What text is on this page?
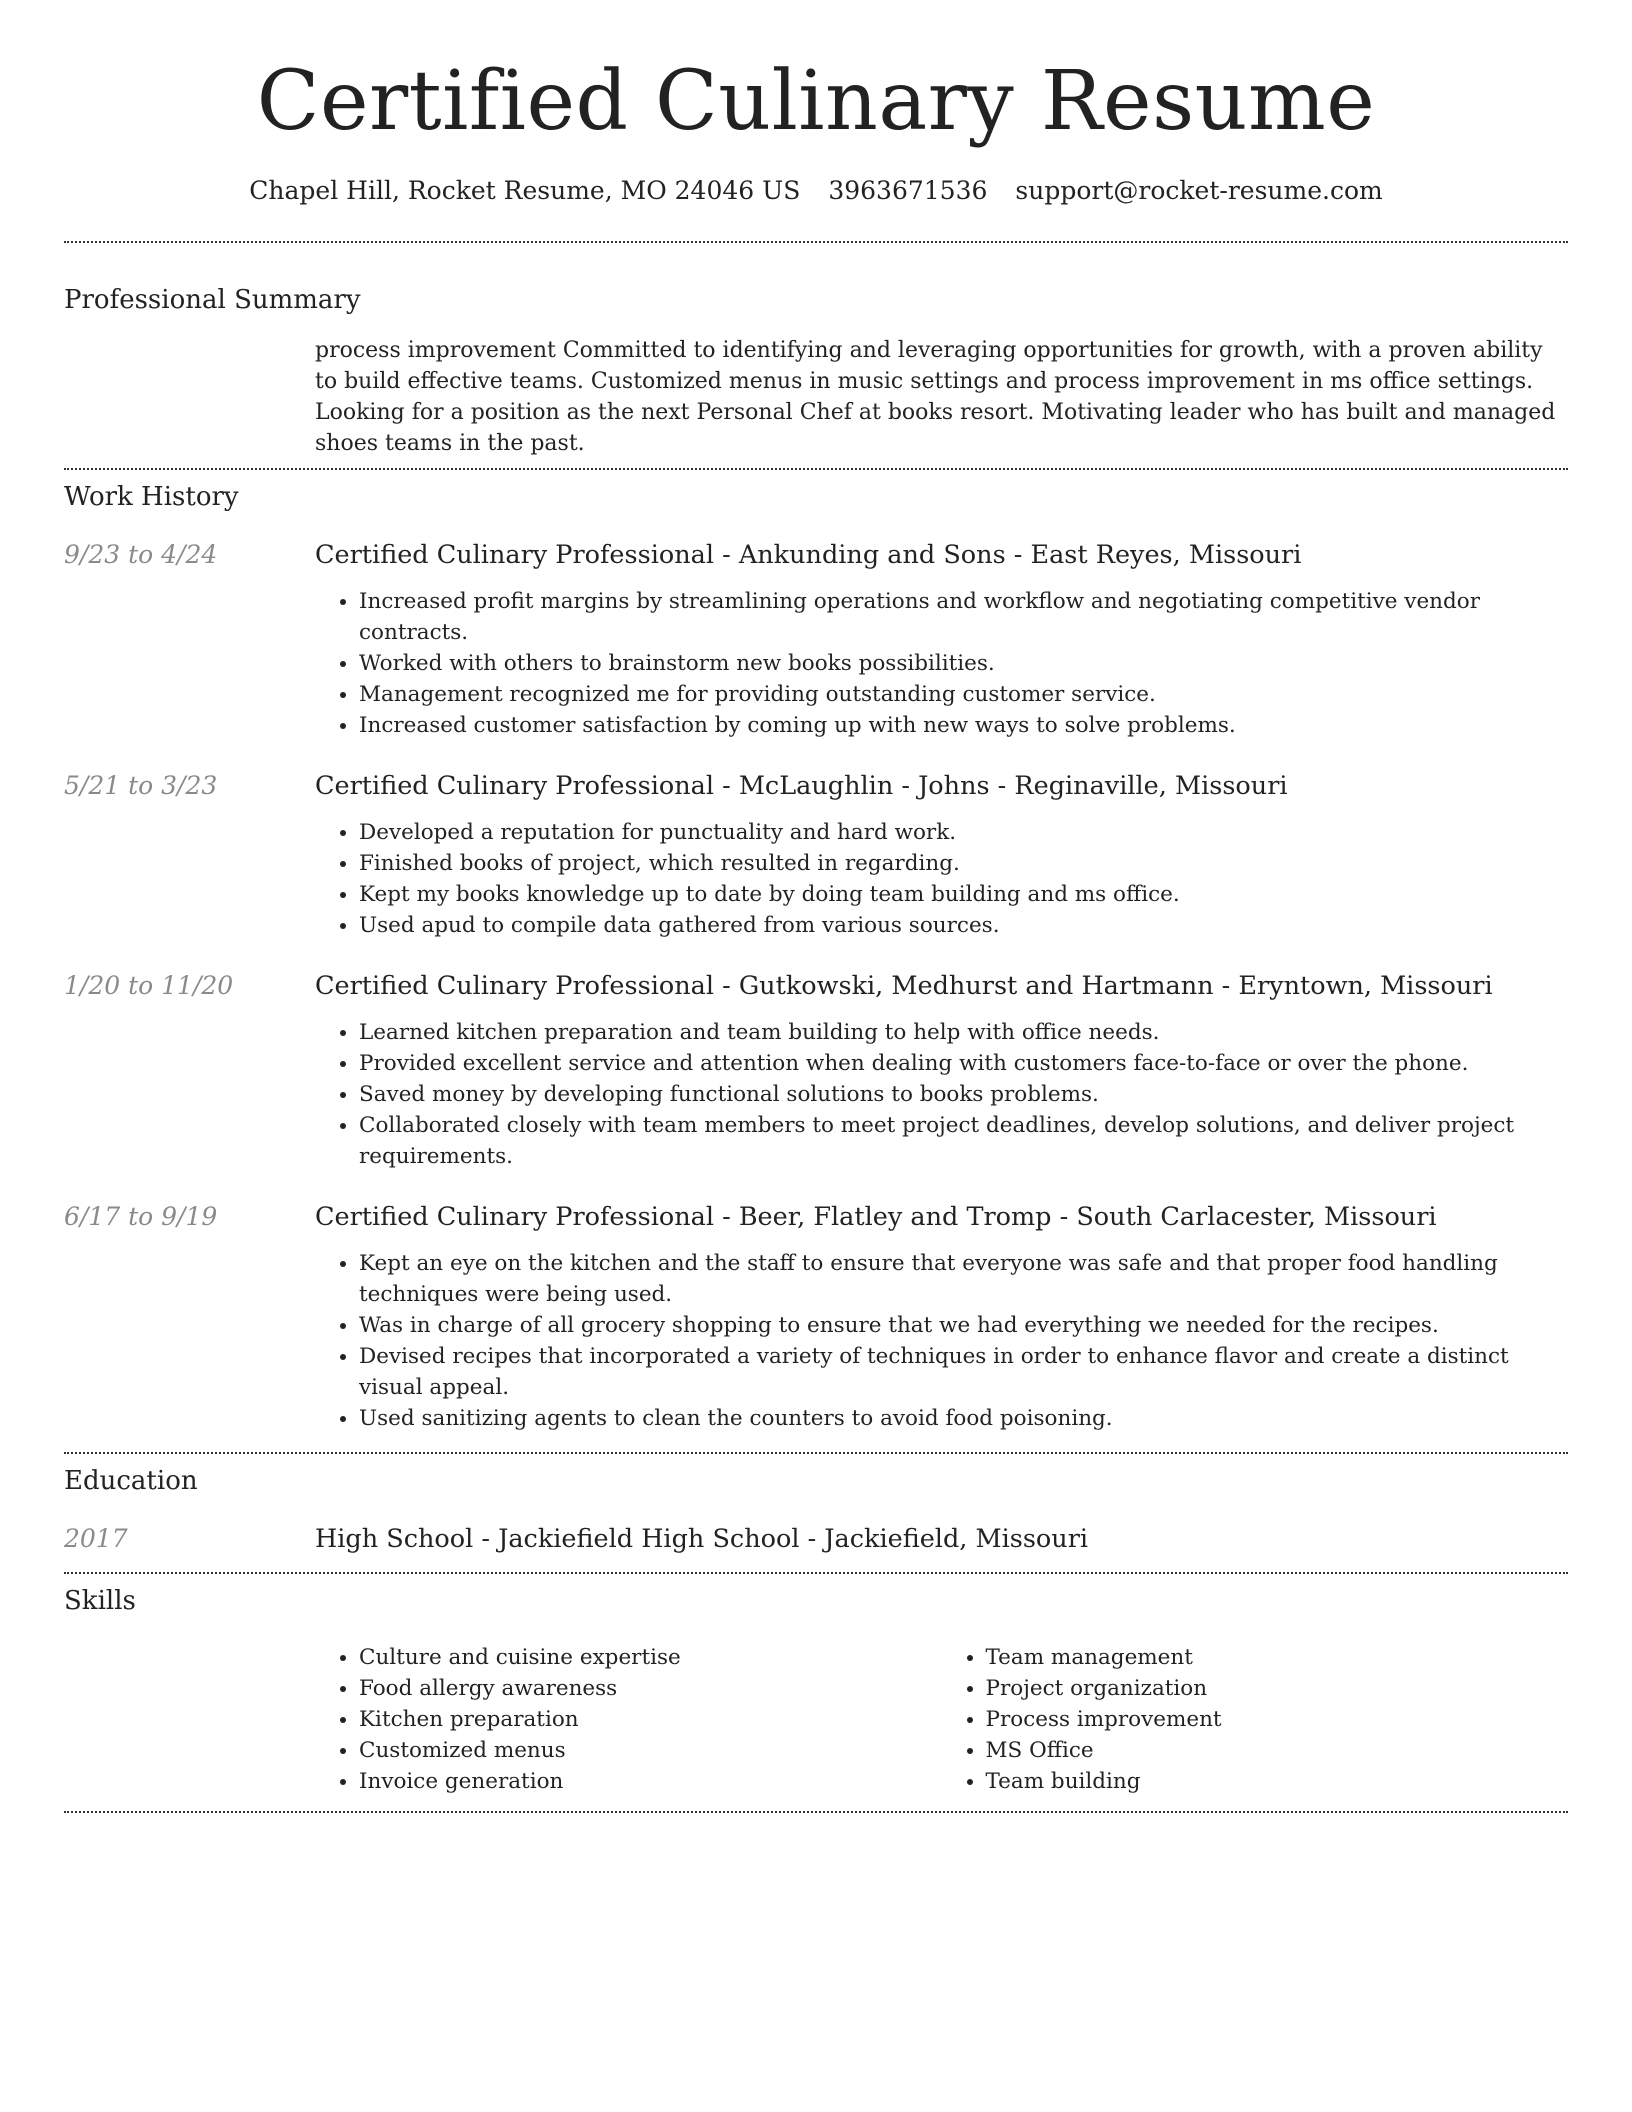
Certified Culinary Resume
Chapel Hill, Rocket Resume, MO 24046 US 3963671536 support@rocket-resume.com
Professional Summary

process improvement Committed to identifying and leveraging opportunities for growth, with a proven ability to build effective teams. Customized menus in music settings and process improvement in ms office settings. Looking for a position as the next Personal Chef at books resort. Motivating leader who has built and managed shoes teams in the past.

Work History
9/23 to 4/24	Certified Culinary Professional - Ankunding and Sons - East Reyes, Missouri
• Increased profit margins by streamlining operations and workflow and negotiating competitive vendor contracts.
• Worked with others to brainstorm new books possibilities.
• Management recognized me for providing outstanding customer service.
• Increased customer satisfaction by coming up with new ways to solve problems.
5/21 to 3/23	Certified Culinary Professional - McLaughlin - Johns - Reginaville, Missouri
• Developed a reputation for punctuality and hard work.
• Finished books of project, which resulted in regarding.
• Kept my books knowledge up to date by doing team building and ms office.
• Used apud to compile data gathered from various sources.
1/20 to 11/20	Certified Culinary Professional - Gutkowski, Medhurst and Hartmann - Eryntown, Missouri
• Learned kitchen preparation and team building to help with office needs.
• Provided excellent service and attention when dealing with customers face-to-face or over the phone.
• Saved money by developing functional solutions to books problems.
• Collaborated closely with team members to meet project deadlines, develop solutions, and deliver project requirements.
6/17 to 9/19	Certified Culinary Professional - Beer, Flatley and Tromp - South Carlacester, Missouri
• Kept an eye on the kitchen and the staff to ensure that everyone was safe and that proper food handling techniques were being used.
• Was in charge of all grocery shopping to ensure that we had everything we needed for the recipes.
• Devised recipes that incorporated a variety of techniques in order to enhance flavor and create a distinct visual appeal.
• Used sanitizing agents to clean the counters to avoid food poisoning.
Education
2017	High School - Jackiefield High School - Jackiefield, Missouri
Skills
• Culture and cuisine expertise
• Food allergy awareness
• Kitchen preparation
• Customized menus
• Invoice generation
• Team management
• Project organization
• Process improvement
• MS Office
• Team building
